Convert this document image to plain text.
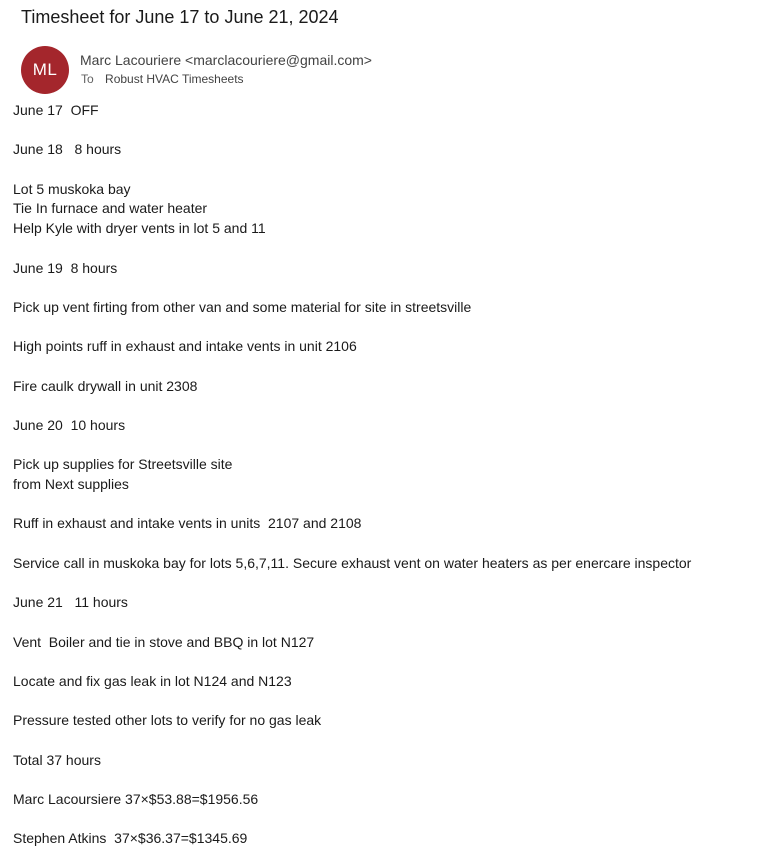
Timesheet for June 17 to June 21, 2024
ML Marc Lacouriere <marclacouriere@gmail.com>
To Robust HVAC Timesheets
June 17  OFF
June 18   8 hours
Lot 5 muskoka bay
Tie In furnace and water heater
Help Kyle with dryer vents in lot 5 and 11
June 19  8 hours
Pick up vent firting from other van and some material for site in streetsville
High points ruff in exhaust and intake vents in unit 2106
Fire caulk drywall in unit 2308
June 20  10 hours
Pick up supplies for Streetsville site
from Next supplies
Ruff in exhaust and intake vents in units  2107 and 2108
Service call in muskoka bay for lots 5,6,7,11. Secure exhaust vent on water heaters as per enercare inspector
June 21   11 hours
Vent  Boiler and tie in stove and BBQ in lot N127
Locate and fix gas leak in lot N124 and N123
Pressure tested other lots to verify for no gas leak
Total 37 hours
Marc Lacoursiere 37×$53.88=$1956.56
Stephen Atkins  37×$36.37=$1345.69
